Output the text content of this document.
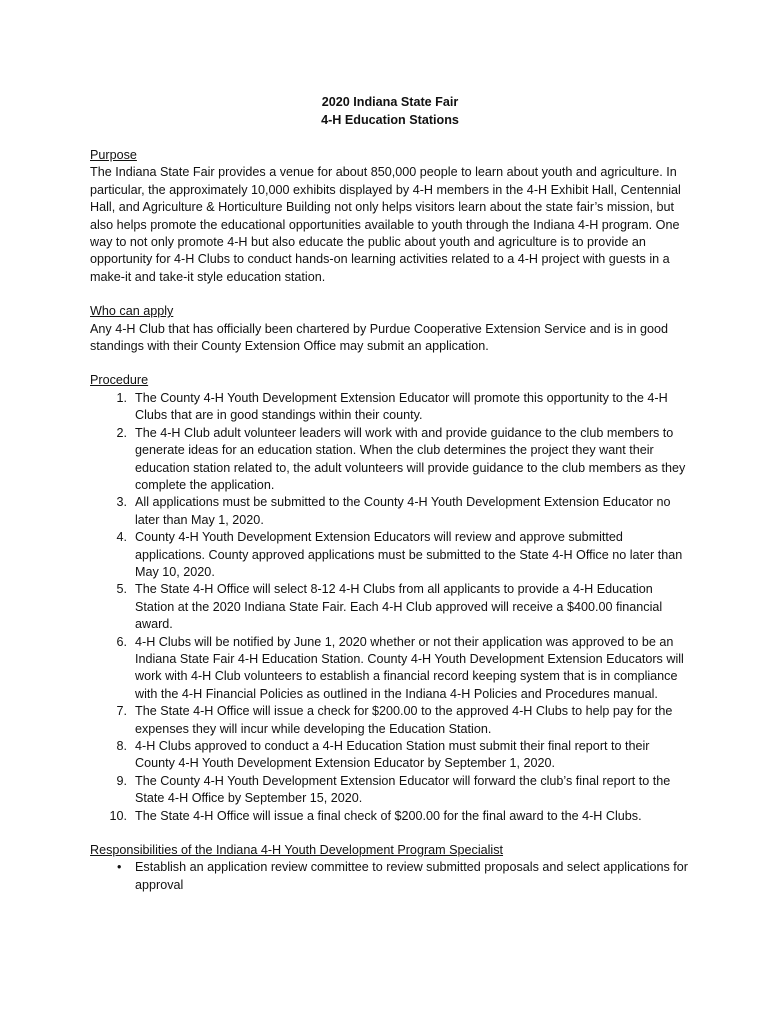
2020 Indiana State Fair

4-H Education Stations

Purpose

The Indiana State Fair provides a venue for about 850,000 people to learn about youth and agriculture. In particular, the approximately 10,000 exhibits displayed by 4-H members in the 4-H Exhibit Hall, Centennial Hall, and Agriculture & Horticulture Building not only helps visitors learn about the state fair’s mission, but also helps promote the educational opportunities available to youth through the Indiana 4-H program. One way to not only promote 4-H but also educate the public about youth and agriculture is to provide an opportunity for 4-H Clubs to conduct hands-on learning activities related to a 4-H project with guests in a make-it and take-it style education station.

Who can apply

Any 4-H Club that has officially been chartered by Purdue Cooperative Extension Service and is in good standings with their County Extension Office may submit an application.

Procedure

1. The County 4-H Youth Development Extension Educator will promote this opportunity to the 4-H Clubs that are in good standings within their county.
2. The 4-H Club adult volunteer leaders will work with and provide guidance to the club members to generate ideas for an education station. When the club determines the project they want their education station related to, the adult volunteers will provide guidance to the club members as they complete the application.
3. All applications must be submitted to the County 4-H Youth Development Extension Educator no later than May 1, 2020.
4. County 4-H Youth Development Extension Educators will review and approve submitted applications. County approved applications must be submitted to the State 4-H Office no later than May 10, 2020.
5. The State 4-H Office will select 8-12 4-H Clubs from all applicants to provide a 4-H Education Station at the 2020 Indiana State Fair. Each 4-H Club approved will receive a $400.00 financial award.
6. 4-H Clubs will be notified by June 1, 2020 whether or not their application was approved to be an Indiana State Fair 4-H Education Station. County 4-H Youth Development Extension Educators will work with 4-H Club volunteers to establish a financial record keeping system that is in compliance with the 4-H Financial Policies as outlined in the Indiana 4-H Policies and Procedures manual.
7. The State 4-H Office will issue a check for $200.00 to the approved 4-H Clubs to help pay for the expenses they will incur while developing the Education Station.
8. 4-H Clubs approved to conduct a 4-H Education Station must submit their final report to their County 4-H Youth Development Extension Educator by September 1, 2020.
9. The County 4-H Youth Development Extension Educator will forward the club’s final report to the State 4-H Office by September 15, 2020.
10. The State 4-H Office will issue a final check of $200.00 for the final award to the 4-H Clubs.

Responsibilities of the Indiana 4-H Youth Development Program Specialist

• Establish an application review committee to review submitted proposals and select applications for approval
